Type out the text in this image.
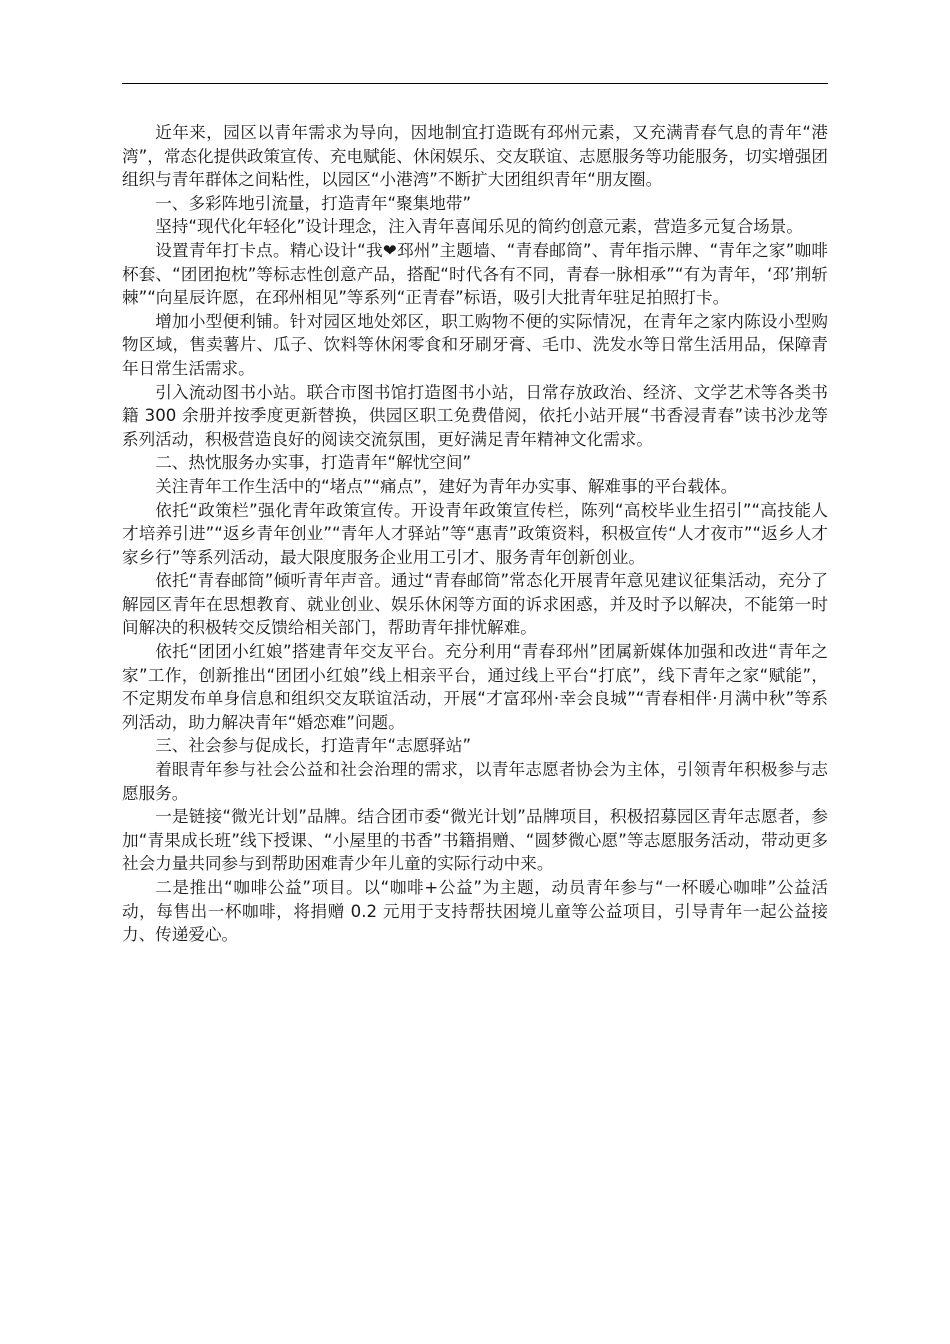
近年来，园区以青年需求为导向，因地制宜打造既有邳州元素，又充满青春气息的青年“港湾”，常态化提供政策宣传、充电赋能、休闲娱乐、交友联谊、志愿服务等功能服务，切实增强团组织与青年群体之间粘性，以园区“小港湾”不断扩大团组织青年“朋友圈。

一、多彩阵地引流量，打造青年“聚集地带”

坚持“现代化年轻化”设计理念，注入青年喜闻乐见的简约创意元素，营造多元复合场景。

设置青年打卡点。精心设计“我❤邳州”主题墙、“青春邮筒”、青年指示牌、“青年之家”咖啡杯套、“团团抱枕”等标志性创意产品，搭配“时代各有不同，青春一脉相承”“有为青年，‘邳’荆斩棘”“向星辰许愿，在邳州相见”等系列“正青春”标语，吸引大批青年驻足拍照打卡。

增加小型便利铺。针对园区地处郊区，职工购物不便的实际情况，在青年之家内陈设小型购物区域，售卖薯片、瓜子、饮料等休闲零食和牙刷牙膏、毛巾、洗发水等日常生活用品，保障青年日常生活需求。

引入流动图书小站。联合市图书馆打造图书小站，日常存放政治、经济、文学艺术等各类书籍 300 余册并按季度更新替换，供园区职工免费借阅，依托小站开展“书香浸青春”读书沙龙等系列活动，积极营造良好的阅读交流氛围，更好满足青年精神文化需求。

二、热忱服务办实事，打造青年“解忧空间”

关注青年工作生活中的“堵点”“痛点”，建好为青年办实事、解难事的平台载体。

依托“政策栏”强化青年政策宣传。开设青年政策宣传栏，陈列“高校毕业生招引”“高技能人才培养引进”“返乡青年创业”“青年人才驿站”等“惠青”政策资料，积极宣传“人才夜市”“返乡人才家乡行”等系列活动，最大限度服务企业用工引才、服务青年创新创业。

依托“青春邮筒”倾听青年声音。通过“青春邮筒”常态化开展青年意见建议征集活动，充分了解园区青年在思想教育、就业创业、娱乐休闲等方面的诉求困惑，并及时予以解决，不能第一时间解决的积极转交反馈给相关部门，帮助青年排忧解难。

依托“团团小红娘”搭建青年交友平台。充分利用“青春邳州”团属新媒体加强和改进“青年之家”工作，创新推出“团团小红娘”线上相亲平台，通过线上平台“打底”，线下青年之家“赋能”，不定期发布单身信息和组织交友联谊活动，开展“才富邳州·幸会良城”“青春相伴·月满中秋”等系列活动，助力解决青年“婚恋难”问题。

三、社会参与促成长，打造青年“志愿驿站”

着眼青年参与社会公益和社会治理的需求，以青年志愿者协会为主体，引领青年积极参与志愿服务。

一是链接“微光计划”品牌。结合团市委“微光计划”品牌项目，积极招募园区青年志愿者，参加“青果成长班”线下授课、“小屋里的书香”书籍捐赠、“圆梦微心愿”等志愿服务活动，带动更多社会力量共同参与到帮助困难青少年儿童的实际行动中来。

二是推出“咖啡公益”项目。以“咖啡+公益”为主题，动员青年参与“一杯暖心咖啡”公益活动，每售出一杯咖啡，将捐赠 0.2 元用于支持帮扶困境儿童等公益项目，引导青年一起公益接力、传递爱心。
